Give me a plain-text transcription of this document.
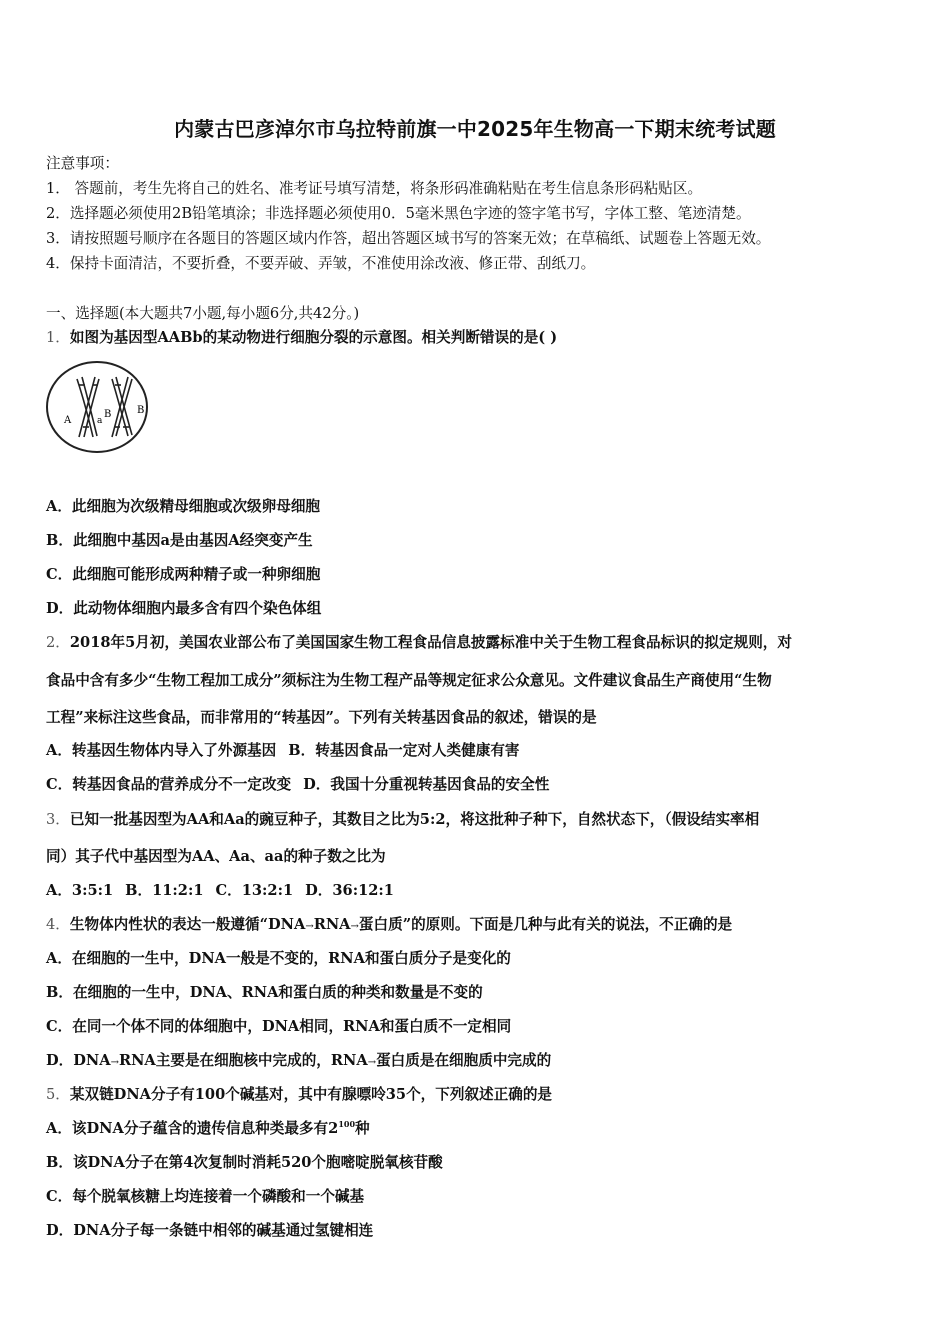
内蒙古巴彦淖尔市乌拉特前旗一中2025年生物高一下期末统考试题
注意事项：
1． 答题前，考生先将自己的姓名、准考证号填写清楚，将条形码准确粘贴在考生信息条形码粘贴区。
2．选择题必须使用2B铅笔填涂；非选择题必须使用0．5毫米黑色字迹的签字笔书写，字体工整、笔迹清楚。
3．请按照题号顺序在各题目的答题区域内作答，超出答题区域书写的答案无效；在草稿纸、试题卷上答题无效。
4．保持卡面清洁，不要折叠，不要弄破、弄皱，不准使用涂改液、修正带、刮纸刀。
一、选择题(本大题共7小题,每小题6分,共42分。)
1．如图为基因型AABb的某动物进行细胞分裂的示意图。相关判断错误的是( )
A	a
B	B
A．此细胞为次级精母细胞或次级卵母细胞
B．此细胞中基因a是由基因A经突变产生
C．此细胞可能形成两种精子或一种卵细胞
D．此动物体细胞内最多含有四个染色体组
2．2018年5月初，美国农业部公布了美国国家生物工程食品信息披露标准中关于生物工程食品标识的拟定规则，对
食品中含有多少“生物工程加工成分”须标注为生物工程产品等规定征求公众意见。文件建议食品生产商使用“生物
工程”来标注这些食品，而非常用的“转基因”。下列有关转基因食品的叙述，错误的是
A．转基因生物体内导入了外源基因 B．转基因食品一定对人类健康有害
C．转基因食品的营养成分不一定改变 D．我国十分重视转基因食品的安全性
3．已知一批基因型为AA和Aa的豌豆种子，其数目之比为5:2，将这批种子种下，自然状态下，（假设结实率相
同）其子代中基因型为AA、Aa、aa的种子数之比为
A．3:5:1 B．11:2:1 C．13:2:1 D．36:12:1
4．生物体内性状的表达一般遵循“DNA→RNA→蛋白质”的原则。下面是几种与此有关的说法，不正确的是
A．在细胞的一生中，DNA一般是不变的，RNA和蛋白质分子是变化的
B．在细胞的一生中，DNA、RNA和蛋白质的种类和数量是不变的
C．在同一个体不同的体细胞中，DNA相同，RNA和蛋白质不一定相同
D．DNA→RNA主要是在细胞核中完成的，RNA→蛋白质是在细胞质中完成的
5．某双链DNA分子有100个碱基对，其中有腺嘌呤35个，下列叙述正确的是
A．该DNA分子蕴含的遗传信息种类最多有$2^{100}$种
B．该DNA分子在第4次复制时消耗520个胞嘧啶脱氧核苷酸
C．每个脱氧核糖上均连接着一个磷酸和一个碱基
D．DNA分子每一条链中相邻的碱基通过氢键相连
